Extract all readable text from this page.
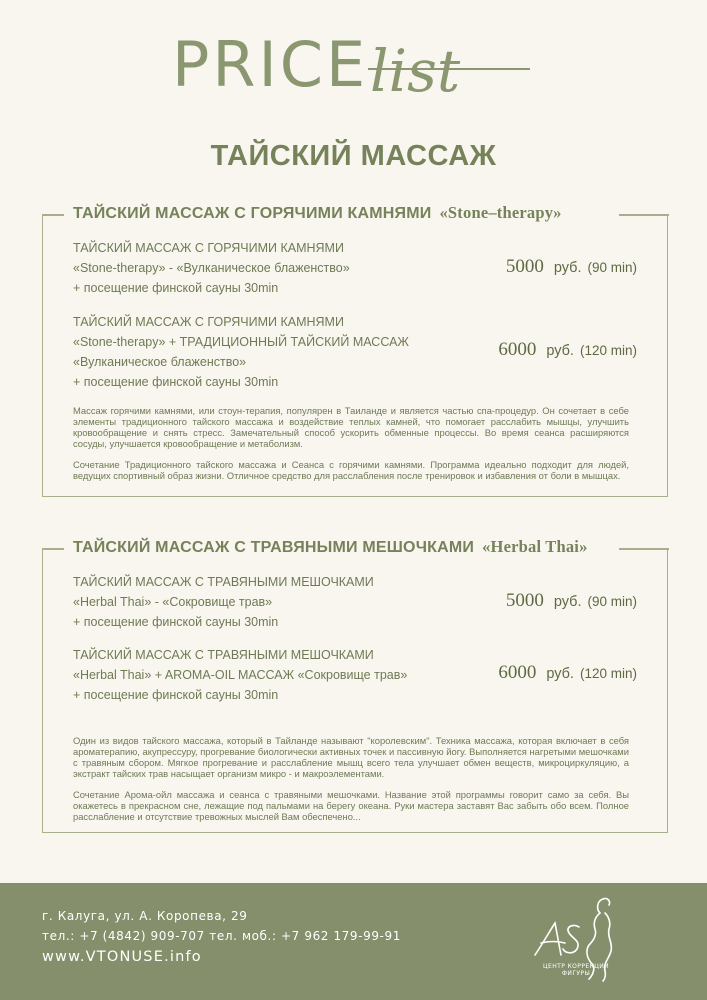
PRICE list
ТАЙСКИЙ МАССАЖ
ТАЙСКИЙ МАССАЖ С ГОРЯЧИМИ КАМНЯМИ «Stone–therapy»
ТАЙСКИЙ МАССАЖ С ГОРЯЧИМИ КАМНЯМИ
«Stone-therapy» - «Вулканическое блаженство»
+ посещение финской сауны 30min
5000 руб. (90 min)
ТАЙСКИЙ МАССАЖ С ГОРЯЧИМИ КАМНЯМИ
«Stone-therapy» + ТРАДИЦИОННЫЙ ТАЙСКИЙ МАССАЖ
«Вулканическое блаженство»
+ посещение финской сауны 30min
6000 руб. (120 min)

Массаж горячими камнями, или стоун-терапия, популярен в Таиланде и является частью спа-процедур. Он сочетает в себе элементы традиционного тайского массажа и воздействие теплых камней, что помогает расслабить мышцы, улучшить кровообращение и снять стресс. Замечательный способ ускорить обменные процессы. Во время сеанса расширяются сосуды, улучшается кровообращение и метаболизм.

Сочетание Традиционного тайского массажа и Сеанса с горячими камнями. Программа идеально подходит для людей, ведущих спортивный образ жизни. Отличное средство для расслабления после тренировок и избавления от боли в мышцах.

ТАЙСКИЙ МАССАЖ С ТРАВЯНЫМИ МЕШОЧКАМИ «Herbal Thai»
ТАЙСКИЙ МАССАЖ С ТРАВЯНЫМИ МЕШОЧКАМИ
«Herbal Thai» - «Сокровище трав»
+ посещение финской сауны 30min
5000 руб. (90 min)
ТАЙСКИЙ МАССАЖ С ТРАВЯНЫМИ МЕШОЧКАМИ
«Herbal Thai» + AROMA-OIL МАССАЖ «Сокровище трав»
+ посещение финской сауны 30min
6000 руб. (120 min)

Один из видов тайского массажа, который в Тайланде называют "королевским". Техника массажа, которая включает в себя ароматерапию, акупрессуру, прогревание биологически активных точек и пассивную йогу. Выполняется нагретыми мешочками с травяным сбором. Мягкое прогревание и расслабление мышц всего тела улучшает обмен веществ, микроциркуляцию, а экстракт тайских трав насыщает организм микро - и макроэлементами.

Сочетание Арома-ойл массажа и сеанса с травяными мешочками. Название этой программы говорит само за себя. Вы окажетесь в прекрасном сне, лежащие под пальмами на берегу океана. Руки мастера заставят Вас забыть обо всем. Полное расслабление и отсутствие тревожных мыслей Вам обеспечено...

г. Калуга, ул. А. Коропева, 29
тел.: +7 (4842) 909-707 тел. моб.: +7 962 179-99-91
www.VTONUSE.info
ЦЕНТР КОРРЕКЦИИ ФИГУРЫ
